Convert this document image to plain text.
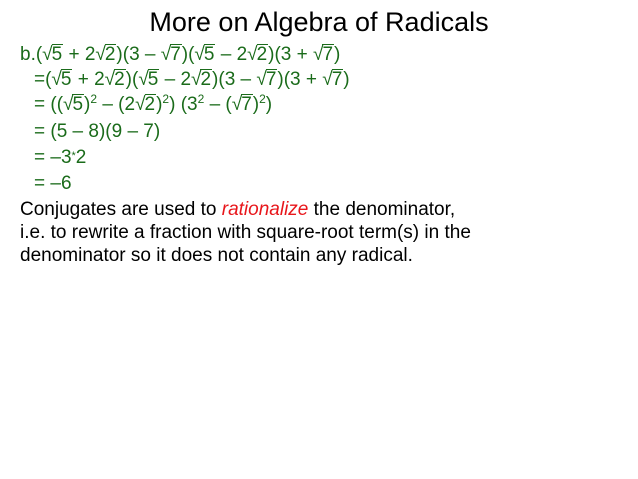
More on Algebra of Radicals
b.(√5 + 2√2)(3 – √7)(√5 – 2√2)(3 + √7)
=(√5 + 2√2)(√5 – 2√2)(3 – √7)(3 + √7)
= $((√5)^2 - (2√2)^2)$ $(3^2 - (√7)^2)$
= (5 – 8)(9 – 7)
= –3*2
= –6
Conjugates are used to rationalize the denominator,
i.e. to rewrite a fraction with square-root term(s) in the
denominator so it does not contain any radical.
